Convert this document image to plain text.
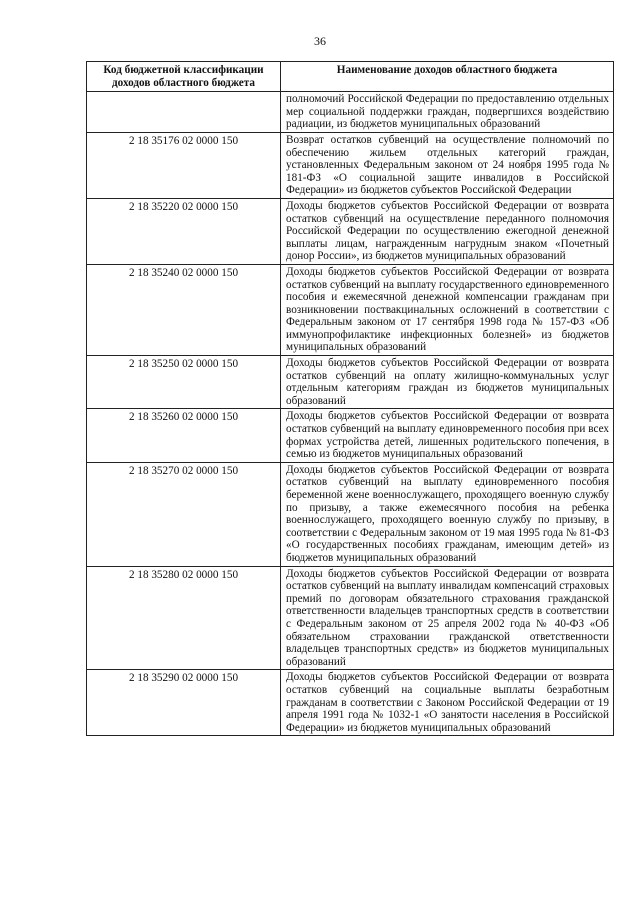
36
Код бюджетной классификации доходов областного бюджета	Наименование доходов областного бюджета
	полномочий Российской Федерации по предоставлению отдельных мер социальной поддержки граждан, подвергшихся воздействию радиации, из бюджетов муниципальных образований
2 18 35176 02 0000 150	Возврат остатков субвенций на осуществление полномочий по обеспечению жильем отдельных категорий граждан, установленных Федеральным законом от 24 ноября 1995 года № 181-ФЗ «О социальной защите инвалидов в Российской Федерации» из бюджетов субъектов Российской Федерации
2 18 35220 02 0000 150	Доходы бюджетов субъектов Российской Федерации от возврата остатков субвенций на осуществление переданного полномочия Российской Федерации по осуществлению ежегодной денежной выплаты лицам, награжденным нагрудным знаком «Почетный донор России», из бюджетов муниципальных образований
2 18 35240 02 0000 150	Доходы бюджетов субъектов Российской Федерации от возврата остатков субвенций на выплату государственного единовременного пособия и ежемесячной денежной компенсации гражданам при возникновении поствакцинальных осложнений в соответствии с Федеральным законом от 17 сентября 1998 года № 157-ФЗ «Об иммунопрофилактике инфекционных болезней» из бюджетов муниципальных образований
2 18 35250 02 0000 150	Доходы бюджетов субъектов Российской Федерации от возврата остатков субвенций на оплату жилищно-коммунальных услуг отдельным категориям граждан из бюджетов муниципальных образований
2 18 35260 02 0000 150	Доходы бюджетов субъектов Российской Федерации от возврата остатков субвенций на выплату единовременного пособия при всех формах устройства детей, лишенных родительского попечения, в семью из бюджетов муниципальных образований
2 18 35270 02 0000 150	Доходы бюджетов субъектов Российской Федерации от возврата остатков субвенций на выплату единовременного пособия беременной жене военнослужащего, проходящего военную службу по призыву, а также ежемесячного пособия на ребенка военнослужащего, проходящего военную службу по призыву, в соответствии с Федеральным законом от 19 мая 1995 года № 81-ФЗ «О государственных пособиях гражданам, имеющим детей» из бюджетов муниципальных образований
2 18 35280 02 0000 150	Доходы бюджетов субъектов Российской Федерации от возврата остатков субвенций на выплату инвалидам компенсаций страховых премий по договорам обязательного страхования гражданской ответственности владельцев транспортных средств в соответствии с Федеральным законом от 25 апреля 2002 года № 40-ФЗ «Об обязательном страховании гражданской ответственности владельцев транспортных средств» из бюджетов муниципальных образований
2 18 35290 02 0000 150	Доходы бюджетов субъектов Российской Федерации от возврата остатков субвенций на социальные выплаты безработным гражданам в соответствии с Законом Российской Федерации от 19 апреля 1991 года № 1032-1 «О занятости населения в Российской Федерации» из бюджетов муниципальных образований
